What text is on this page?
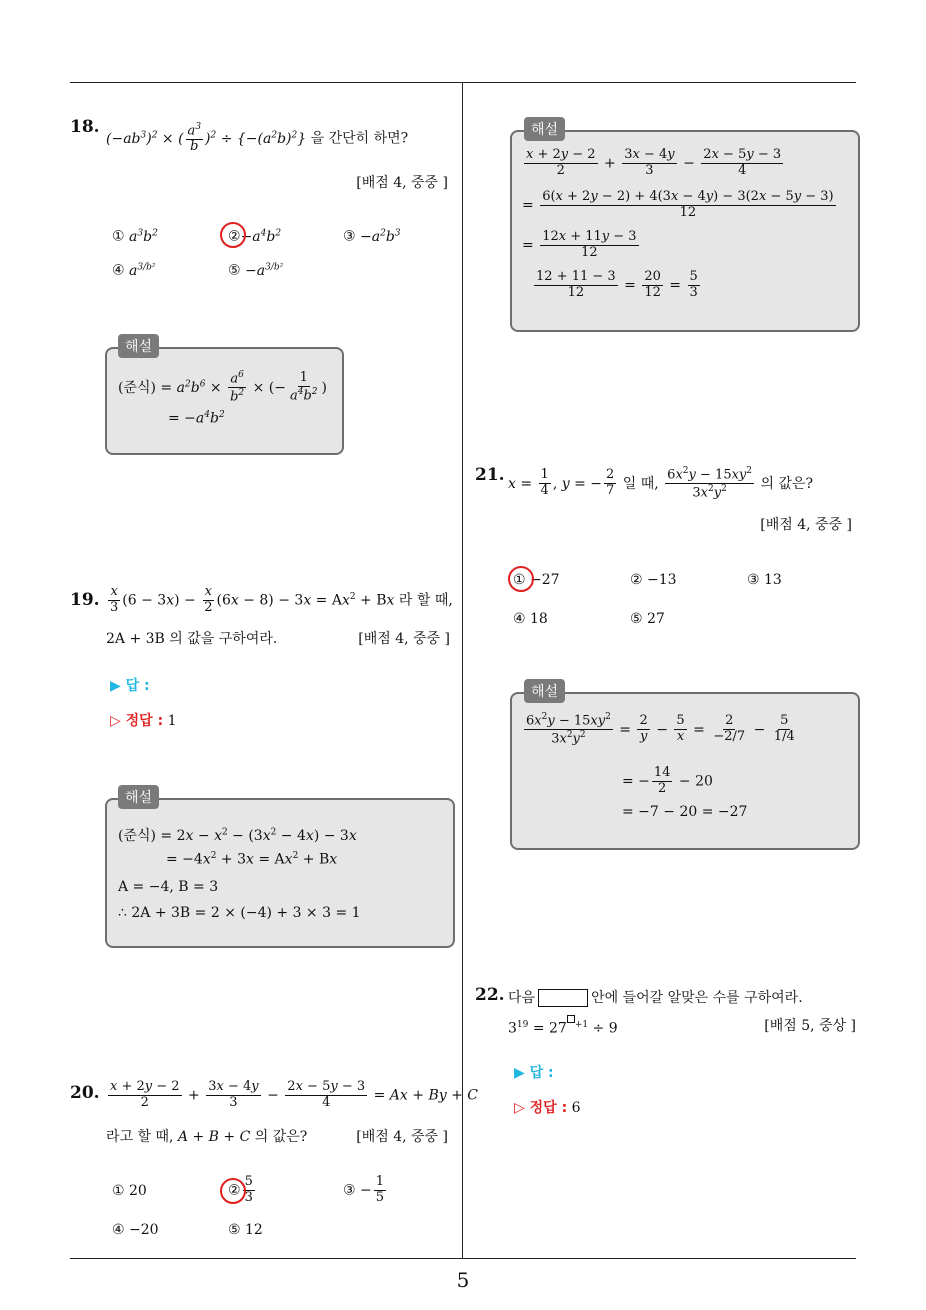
5
18.
$(-ab^3)^2$ × ( $\frac{a^3}{b} )^2 \div \{-(a^2b)^2\}$ 을 간단히 하면?
[배점 4, 중중 ]
① $a^3b^2$	$②-a^4b^2$	③ $-a^2b^3$
④ $a^{3/b^2}$	⑤ $-a^{3/b^2}$
해설
(준식) = $a^2b^6 \times \frac{a^6}{b^2}$ × (− $\frac{1}{a^4b^2}$ )
= $-a^4b^2$
19. $\frac{x}{3} (6 - 3x) - \frac{x}{2} (6x - 8) - 3x = Ax^2 + Bx$ 라 할 때,
2A + 3B 의 값을 구하여라.	[배점 4, 중중 ]
▶ 답 :
▷ 정답 : 1
해설
(준식) = $2x - x^2 - (3x^2 - 4x) - 3x$
= $-4x^2 + 3x = Ax^2 + Bx$
A = −4, B = 3
∴ 2A + 3B = 2 × (−4) + 3 × 3 = 1
20. $\frac{x + 2y - 2}{2} + \frac{3x - 4y}{3} - \frac{2x - 5y - 3}{4} = Ax + By + C$
라고 할 때, A + B + C 의 값은?	[배점 4, 중중 ]
① 20	② $\frac{5}{3}$	③ − $\frac{1}{5}$
④ −20	⑤ 12
해설
$\frac{x + 2y - 2}{2} + \frac{3x - 4y}{3} - \frac{2x - 5y - 3}{4}$
= $\frac{6(x + 2y - 2) + 4(3x - 4y) - 3(2x - 5y - 3)}{12}$
= $\frac{12x + 11y - 3}{12}$
$\frac{12 + 11 - 3}{12} = \frac{20}{12} = \frac{5}{3}$
21. $x = \frac{1}{4}$ , y = − $\frac{2}{7}$ 일 때, $\frac{6x^2y - 15xy^2}{3x^2y^2}$ 의 값은?
[배점 4, 중중 ]
① −27	② −13	③ 13
④ 18	⑤ 27
해설
$\frac{6x^2y - 15xy^2}{3x^2y^2} = \frac{2}{y} - \frac{5}{x} = \frac{2}{-2/7} - \frac{5}{1/4}$
= − $\frac{14}{2} - 20$
= −7 − 20 = −27
22. 다음	안에 들어갈 알맞은 수를 구하여라.
$3^{19} = 27$ $^{+1}$ ÷ 9	[배점 5, 중상 ]
▶ 답 :
▷ 정답 : 6
